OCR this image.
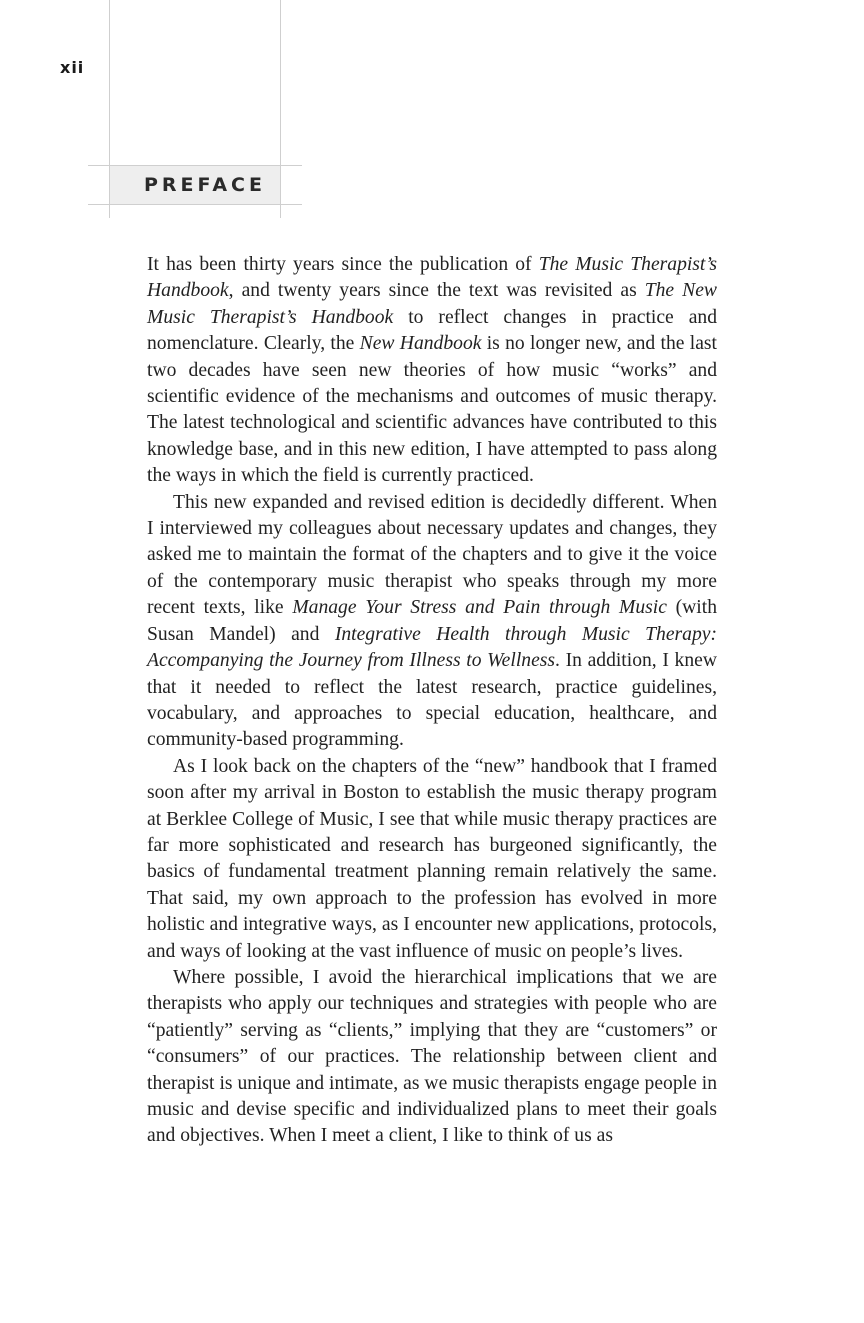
xii
PREFACE

It has been thirty years since the publication of The Music Therapist’s Handbook, and twenty years since the text was revisited as The New Music Therapist’s Handbook to reflect changes in practice and nomenclature. Clearly, the New Handbook is no longer new, and the last two decades have seen new theories of how music “works” and scientific evidence of the mechanisms and outcomes of music therapy. The latest technological and scientific advances have contributed to this knowledge base, and in this new edition, I have attempted to pass along the ways in which the field is currently practiced.

This new expanded and revised edition is decidedly different. When I interviewed my colleagues about necessary updates and changes, they asked me to maintain the format of the chapters and to give it the voice of the contemporary music therapist who speaks through my more recent texts, like Manage Your Stress and Pain through Music (with Susan Mandel) and Integrative Health through Music Therapy: Accompanying the Journey from Illness to Wellness. In addition, I knew that it needed to reflect the latest research, practice guidelines, vocabulary, and approaches to special education, healthcare, and community-based programming.

As I look back on the chapters of the “new” handbook that I framed soon after my arrival in Boston to establish the music therapy program at Berklee College of Music, I see that while music therapy practices are far more sophisticated and research has burgeoned significantly, the basics of fundamental treatment planning remain relatively the same. That said, my own approach to the profession has evolved in more holistic and integrative ways, as I encounter new applications, protocols, and ways of looking at the vast influence of music on people’s lives.

Where possible, I avoid the hierarchical implications that we are therapists who apply our techniques and strategies with people who are “patiently” serving as “clients,” implying that they are “customers” or “consumers” of our practices. The relationship between client and therapist is unique and intimate, as we music therapists engage people in music and devise specific and individualized plans to meet their goals and objectives. When I meet a client, I like to think of us as
